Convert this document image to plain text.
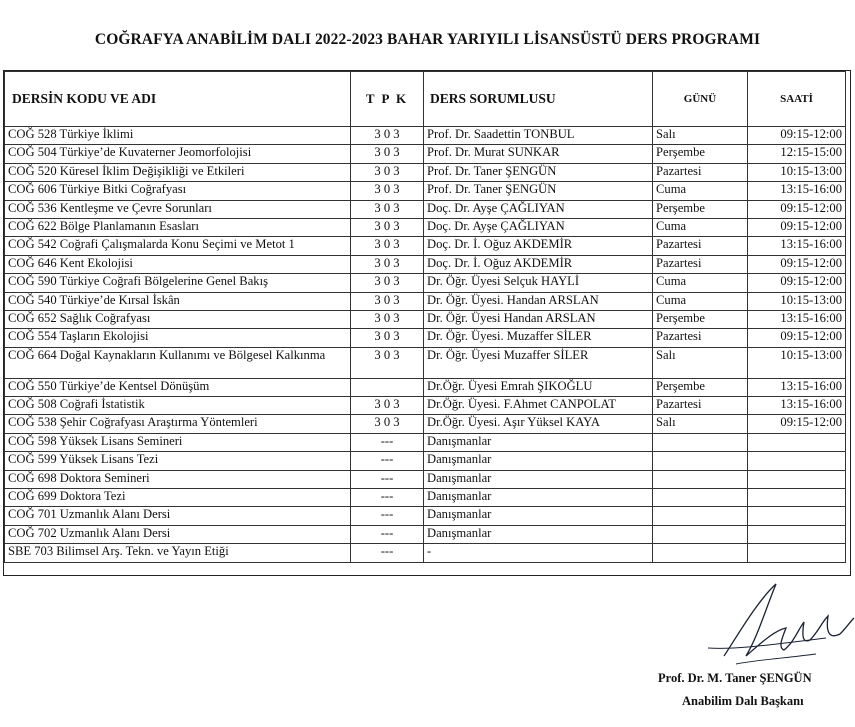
COĞRAFYA ANABİLİM DALI 2022-2023 BAHAR YARIYILI LİSANSÜSTÜ DERS PROGRAMI
DERSİN KODU VE ADI	T P K	DERS SORUMLUSU	GÜNÜ	SAATİ
COĞ 528 Türkiye İklimi	3 0 3	Prof. Dr. Saadettin TONBUL	Salı	09:15-12:00
COĞ 504 Türkiye’de Kuvaterner Jeomorfolojisi	3 0 3	Prof. Dr. Murat SUNKAR	Perşembe	12:15-15:00
COĞ 520 Küresel İklim Değişikliği ve Etkileri	3 0 3	Prof. Dr. Taner ŞENGÜN	Pazartesi	10:15-13:00
COĞ 606 Türkiye Bitki Coğrafyası	3 0 3	Prof. Dr. Taner ŞENGÜN	Cuma	13:15-16:00
COĞ 536 Kentleşme ve Çevre Sorunları	3 0 3	Doç. Dr. Ayşe ÇAĞLIYAN	Perşembe	09:15-12:00
COĞ 622 Bölge Planlamanın Esasları	3 0 3	Doç. Dr. Ayşe ÇAĞLIYAN	Cuma	09:15-12:00
COĞ 542 Coğrafi Çalışmalarda Konu Seçimi ve Metot 1	3 0 3	Doç. Dr. İ. Oğuz AKDEMİR	Pazartesi	13:15-16:00
COĞ 646 Kent Ekolojisi	3 0 3	Doç. Dr. İ. Oğuz AKDEMİR	Pazartesi	09:15-12:00
COĞ 590 Türkiye Coğrafi Bölgelerine Genel Bakış	3 0 3	Dr. Öğr. Üyesi Selçuk HAYLİ	Cuma	09:15-12:00
COĞ 540 Türkiye’de Kırsal İskân	3 0 3	Dr. Öğr. Üyesi. Handan ARSLAN	Cuma	10:15-13:00
COĞ 652 Sağlık Coğrafyası	3 0 3	Dr. Öğr. Üyesi Handan ARSLAN	Perşembe	13:15-16:00
COĞ 554 Taşların Ekolojisi	3 0 3	Dr. Öğr. Üyesi. Muzaffer SİLER	Pazartesi	09:15-12:00

COĞ 664 Doğal Kaynakların Kullanımı ve Bölgesel Kalkınma	3 0 3	Dr. Öğr. Üyesi Muzaffer SİLER	Salı	10:15-13:00
COĞ 550 Türkiye’de Kentsel Dönüşüm		Dr.Öğr. Üyesi Emrah ŞIKOĞLU	Perşembe	13:15-16:00
COĞ 508 Coğrafi İstatistik	3 0 3	Dr.Öğr. Üyesi. F.Ahmet CANPOLAT	Pazartesi	13:15-16:00
COĞ 538 Şehir Coğrafyası Araştırma Yöntemleri	3 0 3	Dr.Öğr. Üyesi. Aşır Yüksel KAYA	Salı	09:15-12:00
COĞ 598 Yüksek Lisans Semineri	---	Danışmanlar		
COĞ 599 Yüksek Lisans Tezi	---	Danışmanlar		
COĞ 698 Doktora Semineri	---	Danışmanlar		
COĞ 699 Doktora Tezi	---	Danışmanlar		
COĞ 701 Uzmanlık Alanı Dersi	---	Danışmanlar		
COĞ 702 Uzmanlık Alanı Dersi	---	Danışmanlar		
SBE 703 Bilimsel Arş. Tekn. ve Yayın Etiği	---	-		
Prof. Dr. M. Taner ŞENGÜN
Anabilim Dalı Başkanı
